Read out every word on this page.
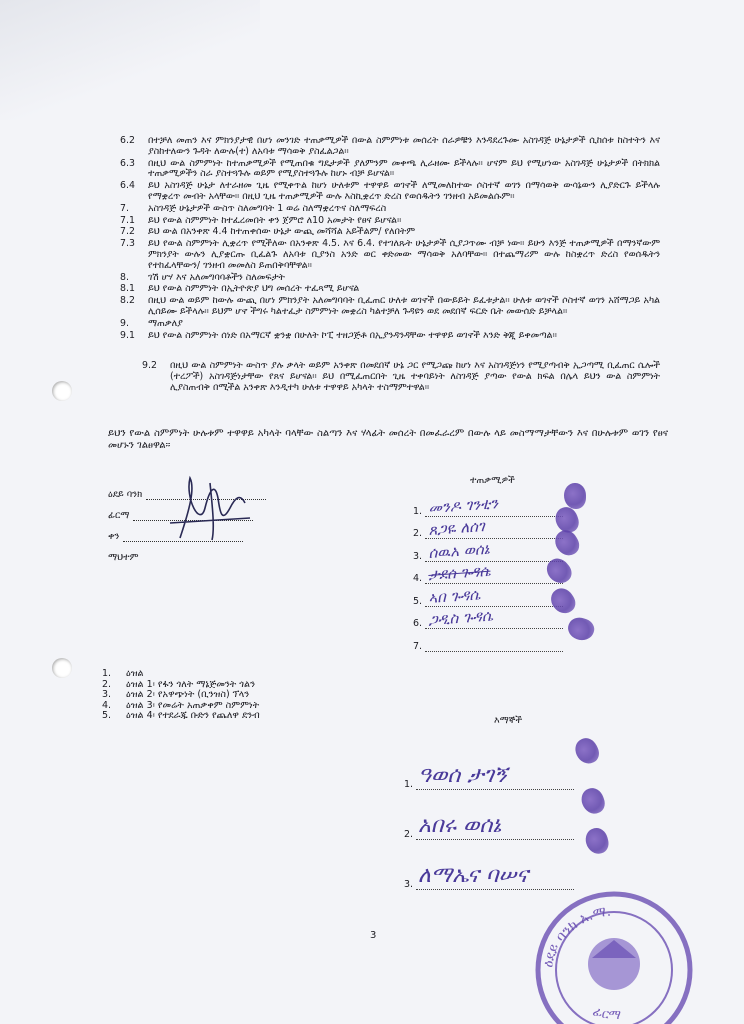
6.2	በተቻለ መጠን እና ምክንያታዊ በሆነ መንገድ ተጠቃሚዎች በውል ስምምነቱ መሰረት ሰራዎቹን እንዳደረጉሙ አስገዳጅ ሁኔታዎች ሲከሰቱ ከስተትን እና ያስከተለውን ጉዳት ለውሉ(ተ) ለአባቱ ማሳወቅ ያስፈልጋል።
6.3	በዚህ ውል ስምምነት ከተጠቃሚዎች የሚጠበቁ ግዴታዎች ያለምንም መቀጫ ሊራዘሙ ይችላሉ። ሆናም ይህ የሚሆነው አስገዳጅ ሁኔታዎች በትክክል ተጠቃሚዎችን ስራ ያስተጓጉሉ ወይም የሚያስተጓጉሉ ከሆኑ ብቻ ይሆናል።
6.4	ይህ አስገዳጅ ሁኔታ ለተራዘመ ጊዜ የሚቀጥል ከሆነ ሁለቱም ተዋዋይ ወገኖች ለሚመለከተው ሶስተኛ ወገን በማሳወቅ ውሳኔውን ሊያድርጉ ይችላሉ የማቋረጥ መብት አላቸው። በዚህ ጊዜ ተጠቃሚዎች ውሉ እስኪቋረጥ ድረስ የወሰዱትን ገንዘብ አይመልሱም።
7.	አስገዳጅ ሁኔታዎች ውስጥ ስለመግባት 1 ወሬ ስለማቋረጥና ስለማፍረስ
7.1	ይህ የውል ስምምነት ከተፈረመበት ቀን ጀምሮ ለ10 አመታት የፀና ይሆናል።
7.2	ይህ ውል በአንቀጽ 4.4 ከተጠቀሰው ሁኔታ ውጪ መሻሻል አይችልም/ የለበትም
7.3	ይህ የውል ስምምነት ሊቋረጥ የሚችለው በአንቀጽ 4.5. እና 6.4. የተገለጹት ሁኔታዎች ሲያጋጥሙ ብቻ ነው። ይሁን እንጅ ተጠቃሚዎች በማንኛውም ምክንያት ውሉን ሊያቋርጡ ቢፈልጉ ለአባቱ ቢያንስ አንድ ወር ቀድመው ማሳወቅ አለባቸው። በተጨማሪም ውሉ ከስቋረጥ ድረስ የወሰዱትን የተከፈላቸውን/ ገንዘብ መመለስ ይጠበቅባቸዋል።
8.	ገሽ ሆሃ እና አለመግባባቶችን ስለመፍታት
8.1	ይህ የውል ስምምነት በኢትዮጵያ ህግ መሰረት ተፈጻሚ ይሆናል
8.2	በዚህ ውል ወይም ከውሉ ውጪ በሆነ ምክንያት አለመግባባት ቢፈጠር ሁለቱ ወገኖች በውይይት ይፈቱታል። ሁለቱ ወገኖች ሶስተኛ ወገን አሸማጋይ አካል ሊሰይሙ ይችላሉ። ይህም ሆኖ ችግሩ ካልተፈታ ስምምነት መቋረስ ካልተቻለ ጉዳዩን ወደ መደበኛ ፍርድ ቤት መውሰድ ይቻላል።
9.	ማጠቃለያ
9.1	ይህ የውል ስምምነት ሰነድ በአማርኛ ቋንቋ በሁለት ኮፒ ተዘጋጅቶ በኢያንዳንዳቸው ተዋዋይ ወገኖች እንድ ቅጂ ይቀመጣል።
9.2	በዚህ ውል ስምምነት ውስጥ ያሉ ቃላት ወይም አንቀጽ በመደበኛ ሁኔ ጋር የሚጋጩ ከሆነ እና አስገዳጅነን የሚያጣብቅ ኢጋጣሚ ቢፈጠር ሴሎች (ተረፖች) አስገዳጅነታቸው የጸና ይሆናል። ይህ በሚፈጠርበት ጊዜ ተቀባይነት ለስገዳጅ ያጣው የውል ክፍል በሌላ ይህን ውል ስምምነት ሊያስጠብቅ በሚችል አንቀጽ እንዲተካ ሁለቱ ተዋዋይ አካላት ተስማምተዋል።
ይህን የውል ስምምነት ሁሉቱም ተዋዋይ አካላት ባላቸው ስልጣን እና ሃላፊት መሰረት በመፈራረም በውሉ ላይ መስማማታቸውን እና በሁሉቱም ወገን የፀና መሆኑን ገልፀዋል።
ዕደይ ባንክ
ፊርማ
ቀን
ማህተም
ተጠቃሚዎች
1. መንዶ ገንቲን
2. ጸጋዬ ለሰገ
3. ሰዉአ ወሰኔ
4. ታደሰ ጉዳሴ
5. ኣበ ጉዳሴ
6. ጋዲስ ጉዳሴ
7.
1.	ዕዝል
2.	ዕዝል 1፡ የፋን ጎለት ማኔጅመንት ጎልን
3.	ዕዝል 2፡ የአዋጭነት (ቢንዝስ) ፕላን
4.	ዕዝል 3፡ የመሬት አጠቃቀም ስምምነት
5.	ዕዝል 4፡ የተደራጁ ቡድን የጨለዋ ደንብ	እማኞች
1. ዓወሰ ታገኝ
2. አበሩ ወሰኔ
3. ለማኤና ባሠና
3
ዕደይ ባንክ አ.ማ.
ፊርማ
